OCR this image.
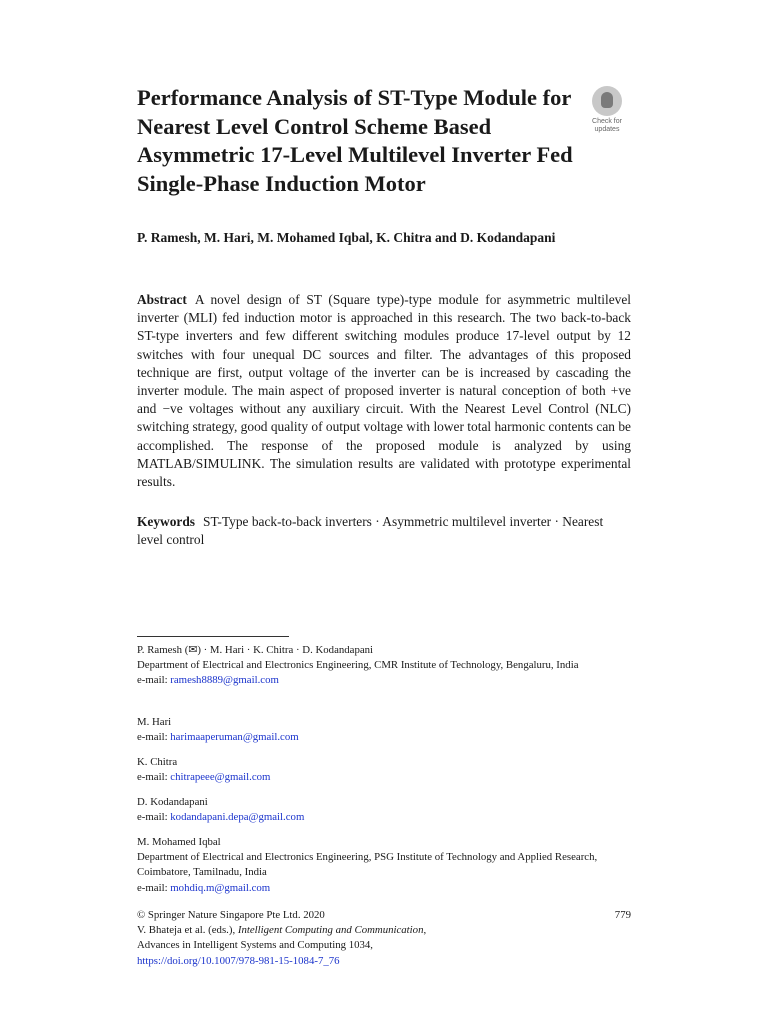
Performance Analysis of ST-Type Module for Nearest Level Control Scheme Based Asymmetric 17-Level Multilevel Inverter Fed Single-Phase Induction Motor
Check for
updates
P. Ramesh, M. Hari, M. Mohamed Iqbal, K. Chitra and D. Kodandapani

Abstract A novel design of ST (Square type)-type module for asymmetric multilevel inverter (MLI) fed induction motor is approached in this research. The two back-to-back ST-type inverters and few different switching modules produce 17-level output by 12 switches with four unequal DC sources and filter. The advantages of this proposed technique are first, output voltage of the inverter can be is increased by cascading the inverter module. The main aspect of proposed inverter is natural conception of both +ve and −ve voltages without any auxiliary circuit. With the Nearest Level Control (NLC) switching strategy, good quality of output voltage with lower total harmonic contents can be accomplished. The response of the proposed module is analyzed by using MATLAB/SIMULINK. The simulation results are validated with prototype experimental results.

Keywords ST-Type back-to-back inverters · Asymmetric multilevel inverter · Nearest level control

P. Ramesh (✉) · M. Hari · K. Chitra · D. Kodandapani
Department of Electrical and Electronics Engineering, CMR Institute of Technology, Bengaluru, India
e-mail: ramesh8889@gmail.com
M. Hari
e-mail: harimaaperuman@gmail.com
K. Chitra
e-mail: chitrapeee@gmail.com
D. Kodandapani
e-mail: kodandapani.depa@gmail.com
M. Mohamed Iqbal
Department of Electrical and Electronics Engineering, PSG Institute of Technology and Applied Research, Coimbatore, Tamilnadu, India
e-mail: mohdiq.m@gmail.com
© Springer Nature Singapore Pte Ltd. 2020	779
V. Bhateja et al. (eds.), Intelligent Computing and Communication,
Advances in Intelligent Systems and Computing 1034,
https://doi.org/10.1007/978-981-15-1084-7_76
